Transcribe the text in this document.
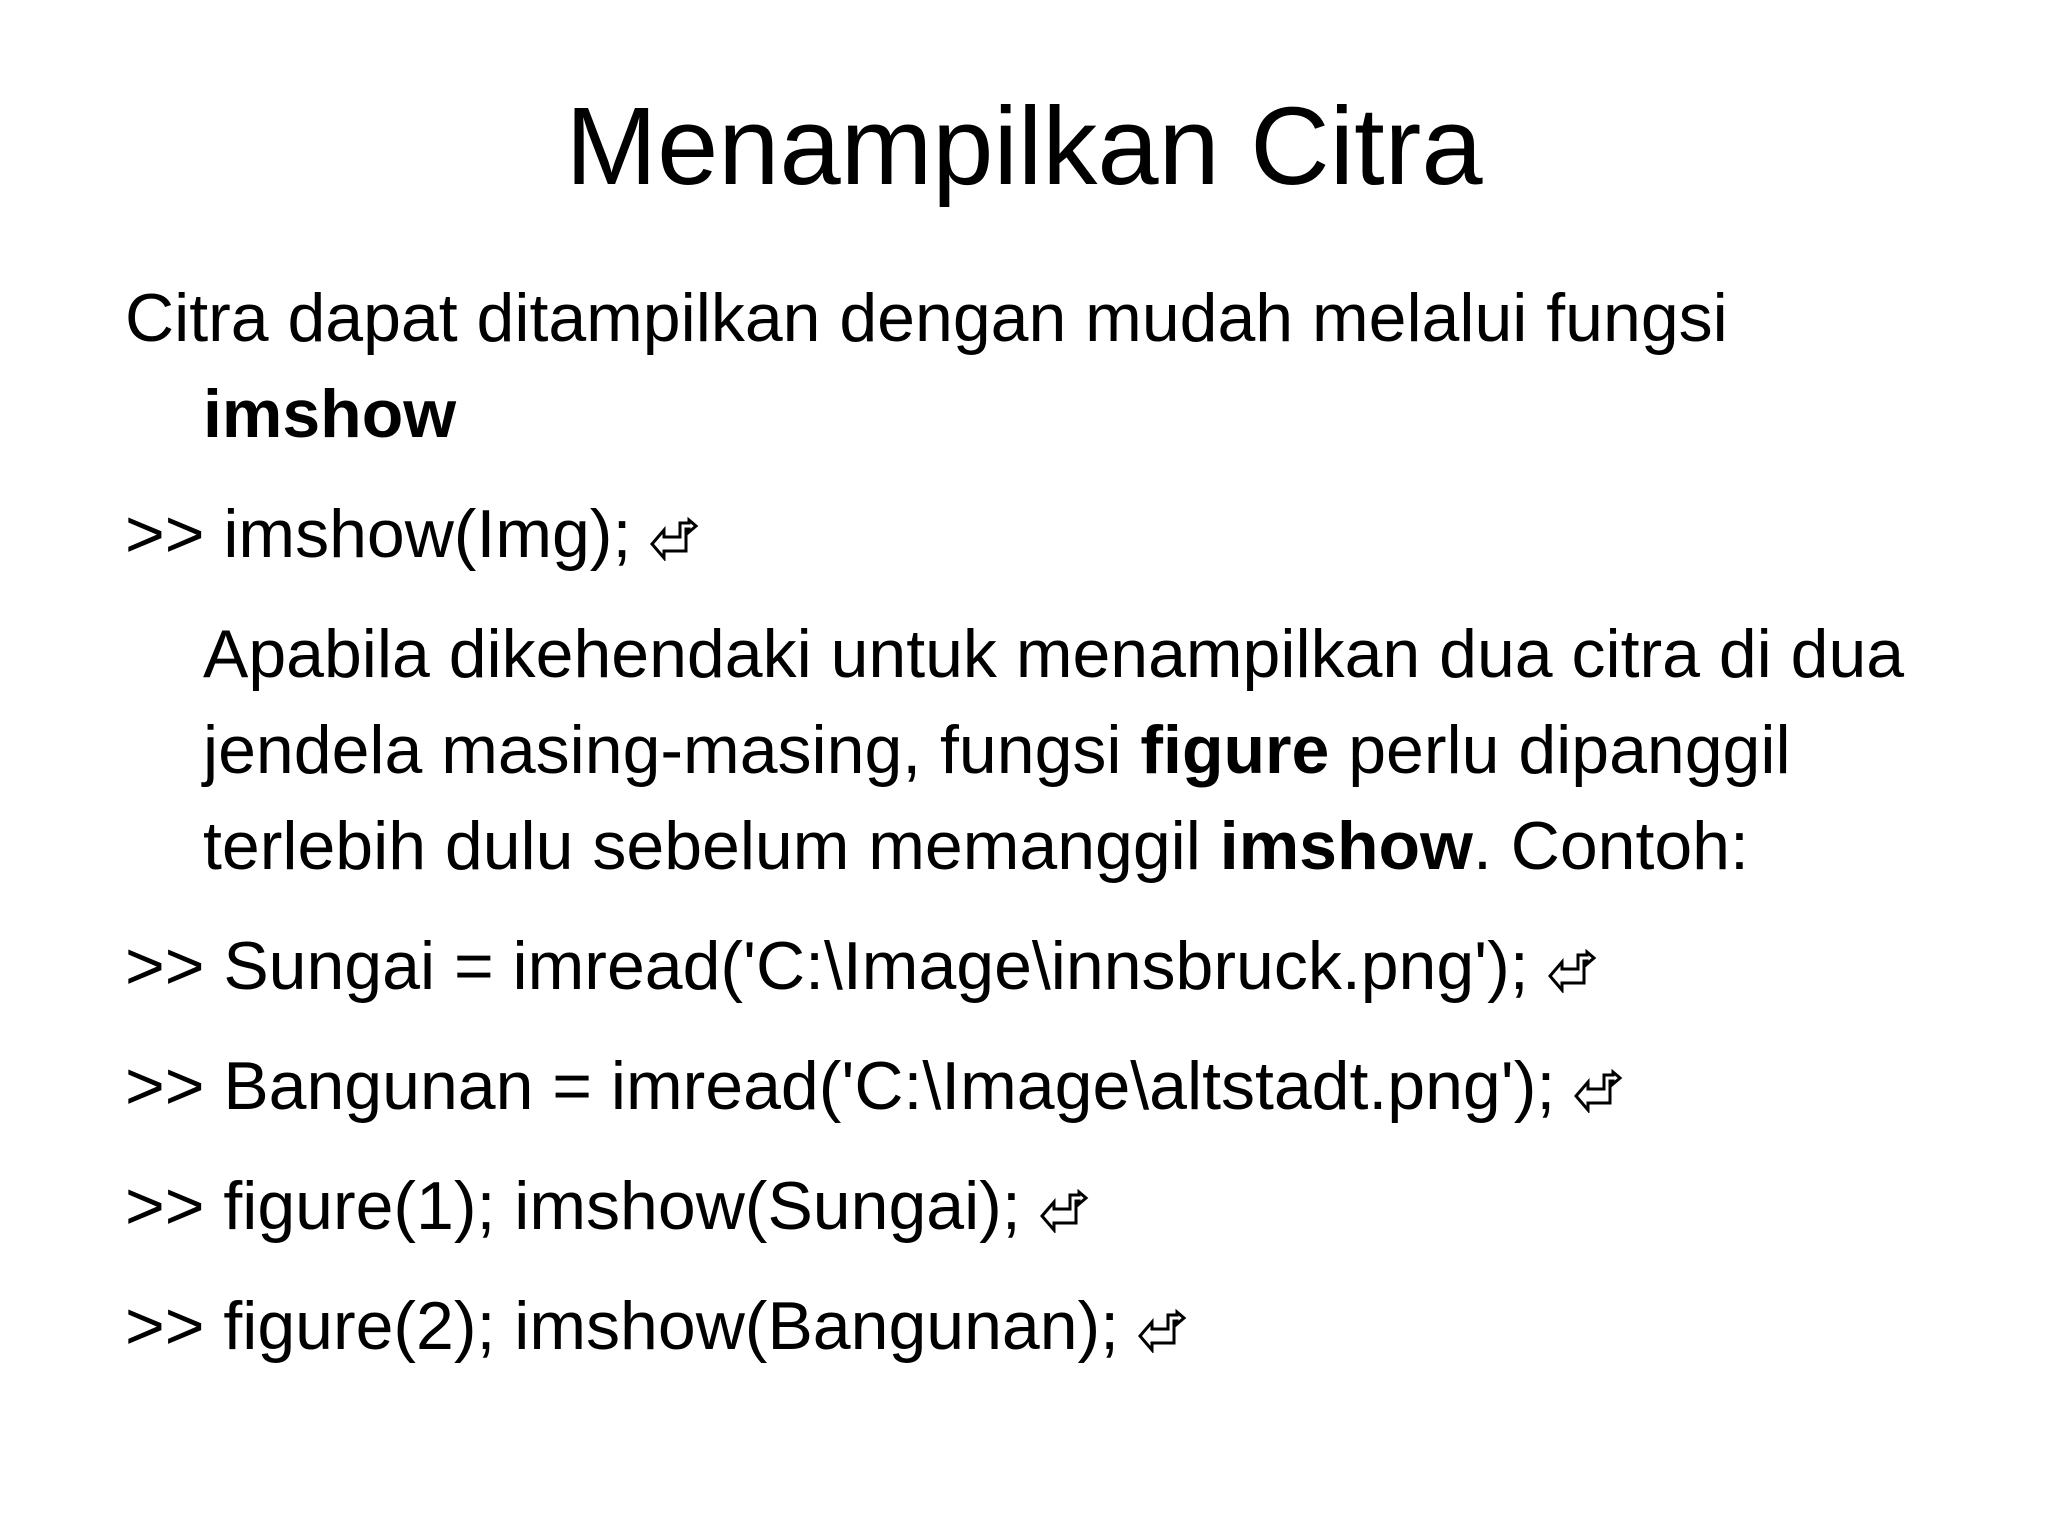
Menampilkan Citra
Citra dapat ditampilkan dengan mudah melalui fungsi imshow
>> imshow(Img);
Apabila dikehendaki untuk menampilkan dua citra di dua jendela masing-masing, fungsi figure perlu dipanggil terlebih dulu sebelum memanggil imshow. Contoh:
>> Sungai = imread('C:\Image\innsbruck.png');
>> Bangunan = imread('C:\Image\altstadt.png');
>> figure(1); imshow(Sungai);
>> figure(2); imshow(Bangunan);
